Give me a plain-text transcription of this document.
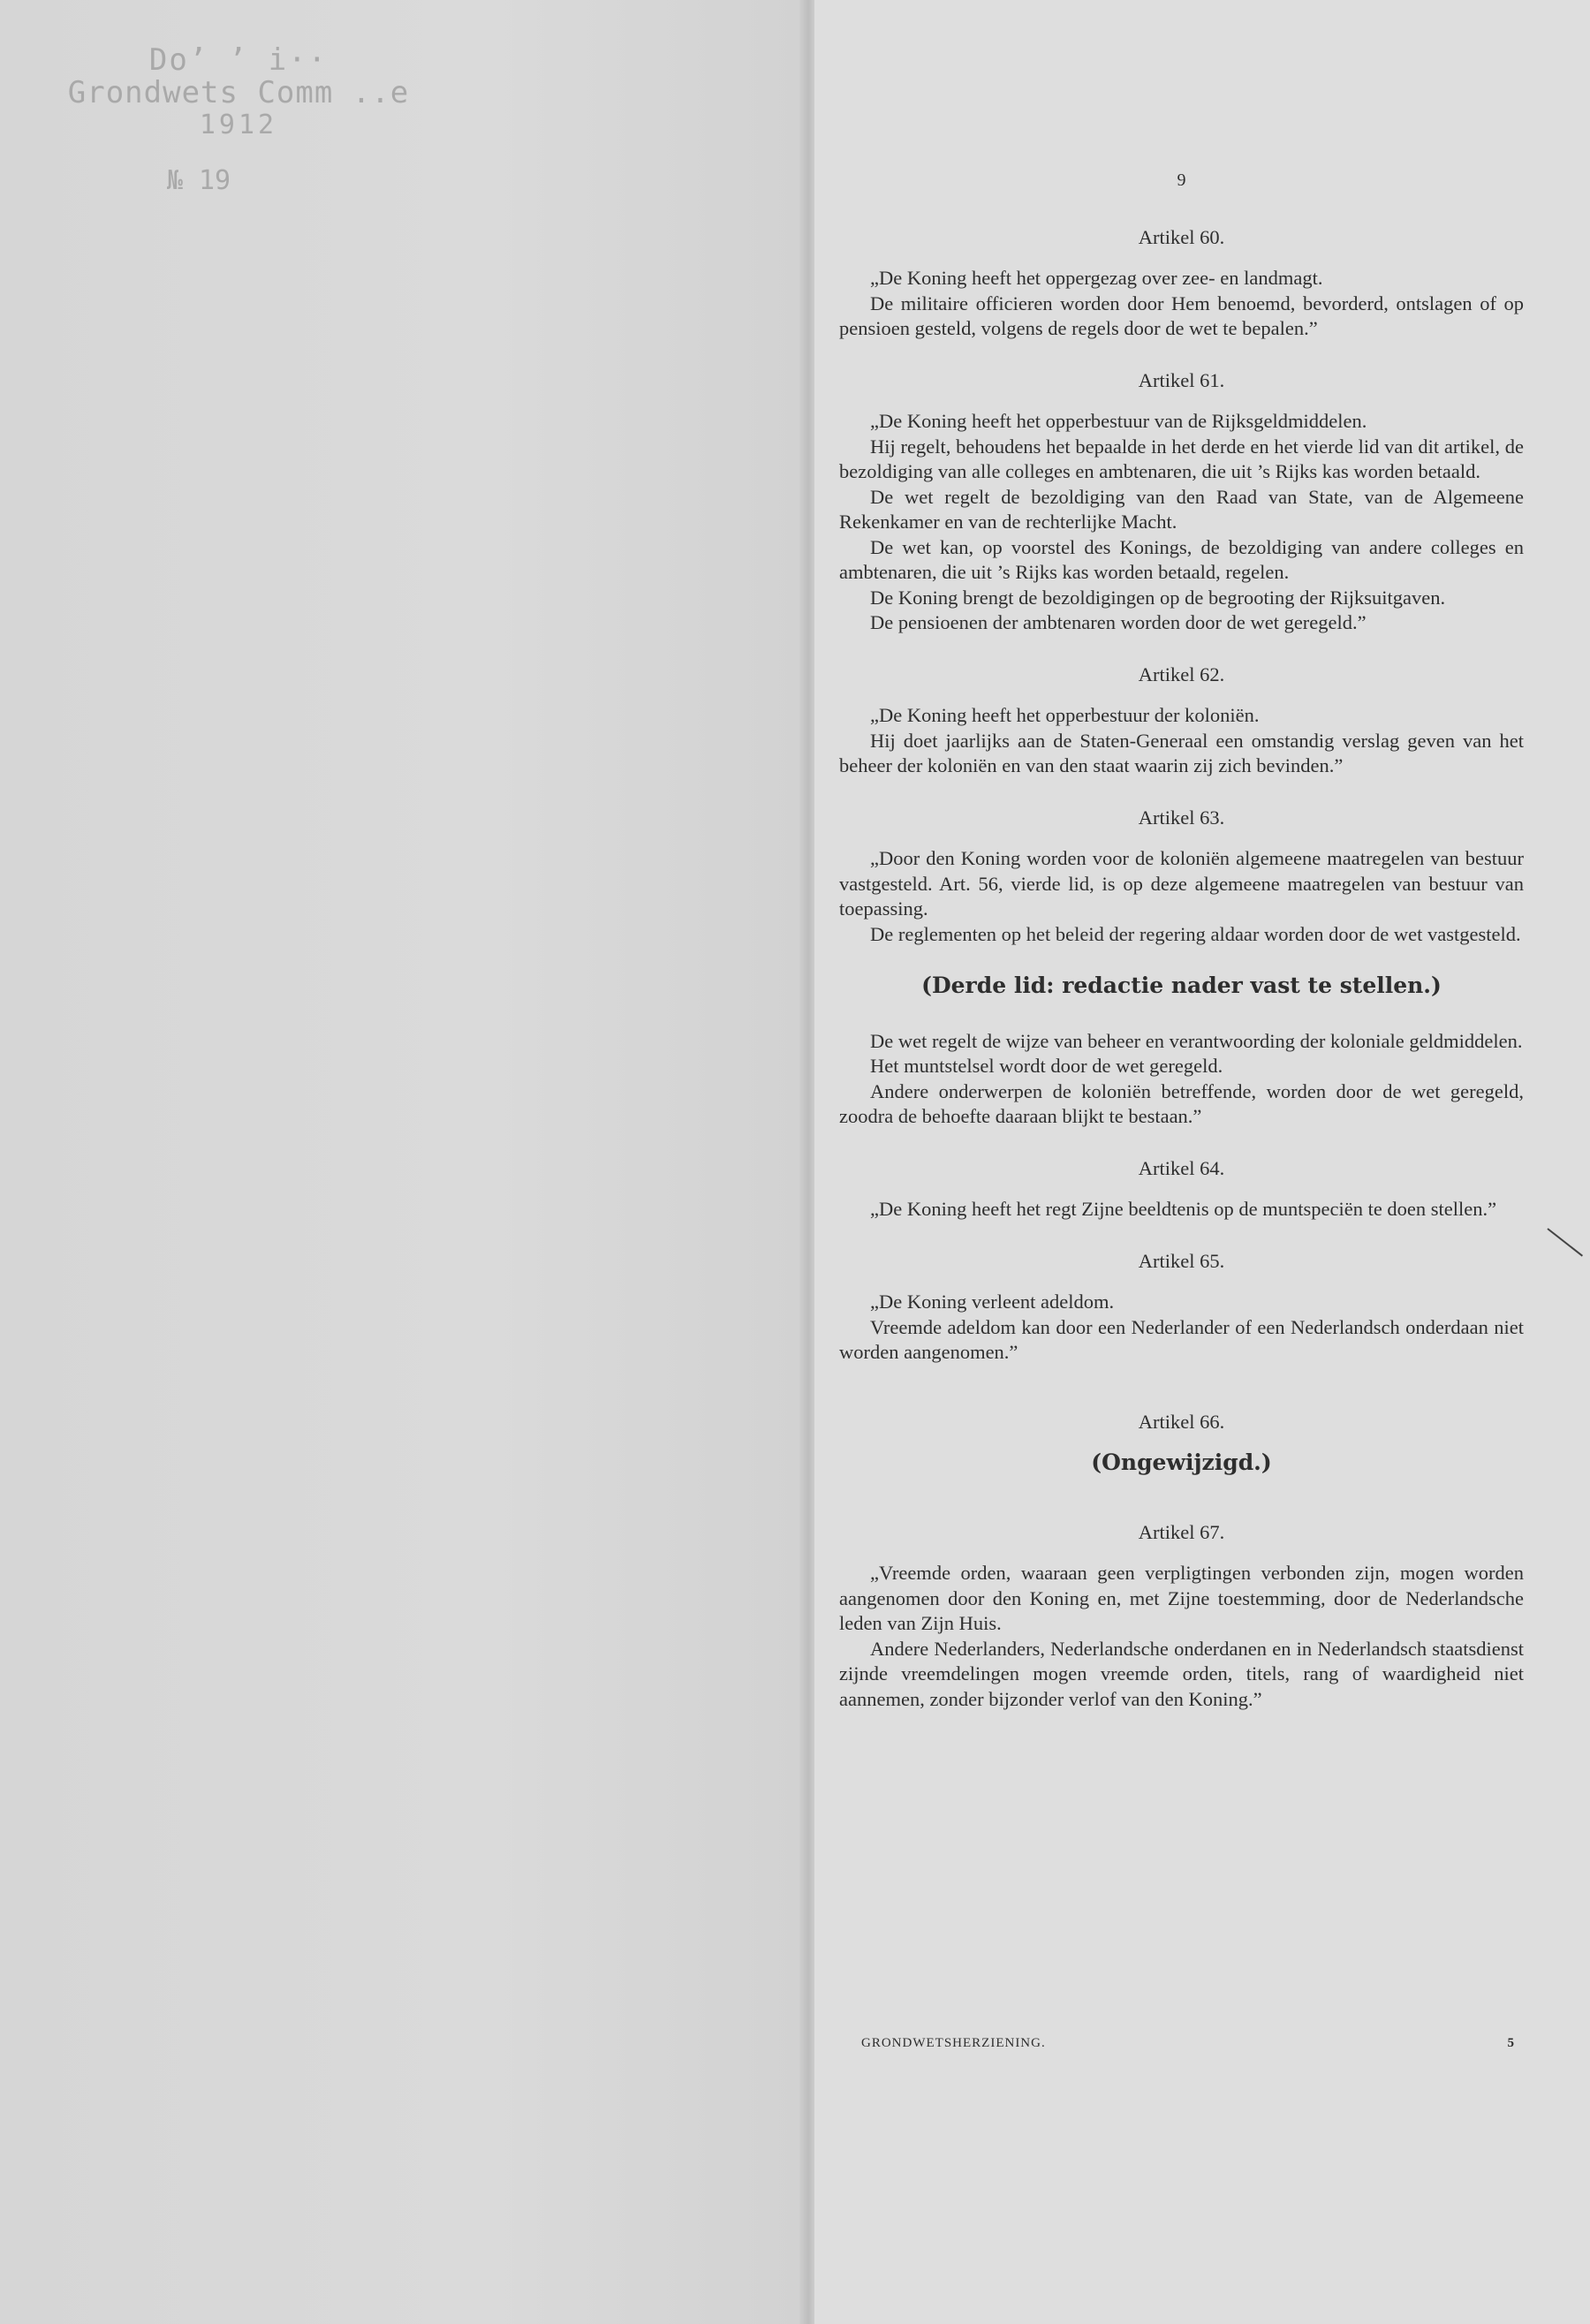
Do’ ’ i··
Grondwets Comm ..e
1912
№ 19	9
Artikel 60.

„De Koning heeft het oppergezag over zee- en landmagt.

De militaire officieren worden door Hem benoemd, bevorderd, ontslagen of op pensioen gesteld, volgens de regels door de wet te bepalen.”

Artikel 61.

„De Koning heeft het opperbestuur van de Rijksgeldmiddelen.

Hij regelt, behoudens het bepaalde in het derde en het vierde lid van dit artikel, de bezoldiging van alle colleges en ambtenaren, die uit ’s Rijks kas worden betaald.

De wet regelt de bezoldiging van den Raad van State, van de Algemeene Rekenkamer en van de rechterlijke Macht.

De wet kan, op voorstel des Konings, de bezoldiging van andere colleges en ambtenaren, die uit ’s Rijks kas worden betaald, regelen.

De Koning brengt de bezoldigingen op de begrooting der Rijksuitgaven.

De pensioenen der ambtenaren worden door de wet geregeld.”

Artikel 62.

„De Koning heeft het opperbestuur der koloniën.

Hij doet jaarlijks aan de Staten-Generaal een omstandig verslag geven van het beheer der koloniën en van den staat waarin zij zich bevinden.”

Artikel 63.

„Door den Koning worden voor de koloniën algemeene maatregelen van bestuur vastgesteld. Art. 56, vierde lid, is op deze algemeene maatregelen van bestuur van toepassing.

De reglementen op het beleid der regering aldaar worden door de wet vastgesteld.

(Derde lid: redactie nader vast te stellen.)

De wet regelt de wijze van beheer en verantwoording der koloniale geldmiddelen.

Het muntstelsel wordt door de wet geregeld.

Andere onderwerpen de koloniën betreffende, worden door de wet geregeld, zoodra de behoefte daaraan blijkt te bestaan.”

Artikel 64.

„De Koning heeft het regt Zijne beeldtenis op de muntspeciën te doen stellen.”

Artikel 65.

„De Koning verleent adeldom.

Vreemde adeldom kan door een Nederlander of een Nederlandsch onderdaan niet worden aangenomen.”

Artikel 66.
(Ongewijzigd.)
Artikel 67.

„Vreemde orden, waaraan geen verpligtingen verbonden zijn, mogen worden aangenomen door den Koning en, met Zijne toestemming, door de Nederlandsche leden van Zijn Huis.

Andere Nederlanders, Nederlandsche onderdanen en in Nederlandsch staatsdienst zijnde vreemdelingen mogen vreemde orden, titels, rang of waardigheid niet aannemen, zonder bijzonder verlof van den Koning.”

GRONDWETSHERZIENING.	5
